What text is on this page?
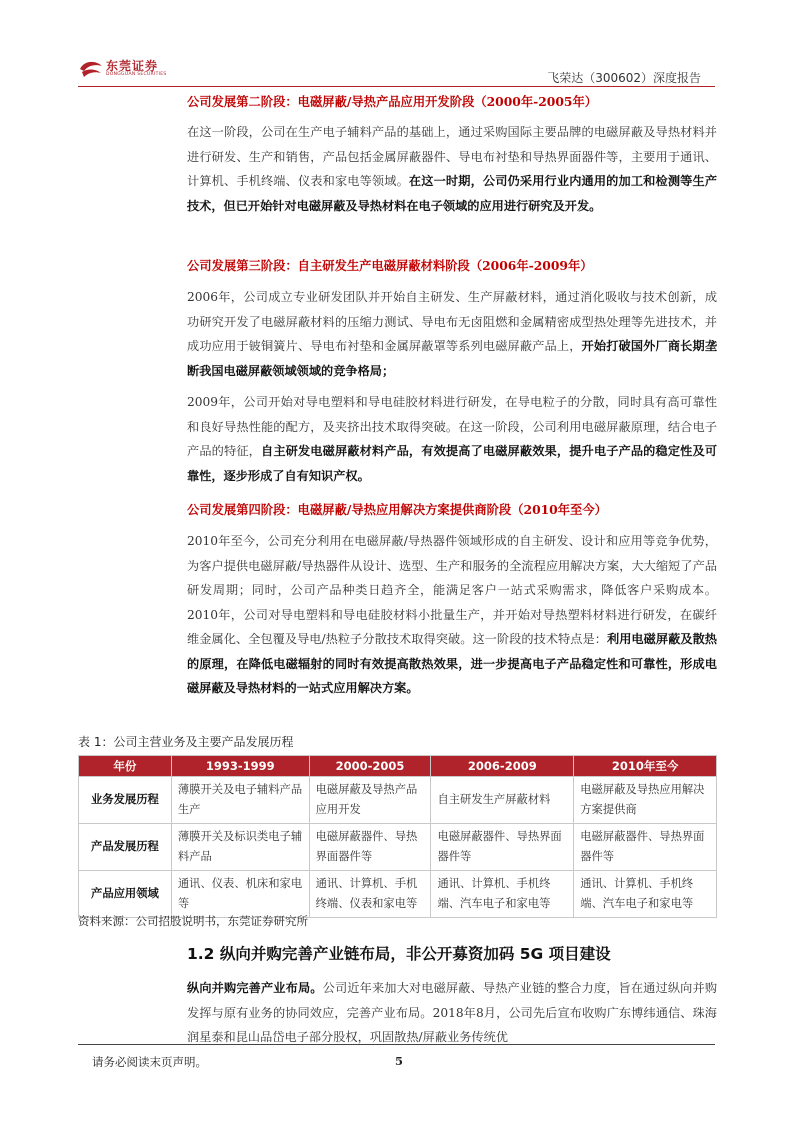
东莞证券
DONGGUAN SECURITIES	飞荣达（300602）深度报告
公司发展第二阶段：电磁屏蔽/导热产品应用开发阶段（2000年-2005年）
在这一阶段，公司在生产电子辅料产品的基础上，通过采购国际主要品牌的电磁屏蔽及导热材料并进行研发、生产和销售，产品包括金属屏蔽器件、导电布衬垫和导热界面器件等，主要用于通讯、计算机、手机终端、仪表和家电等领域。在这一时期，公司仍采用行业内通用的加工和检测等生产技术，但已开始针对电磁屏蔽及导热材料在电子领域的应用进行研究及开发。
公司发展第三阶段：自主研发生产电磁屏蔽材料阶段（2006年-2009年）
2006年，公司成立专业研发团队并开始自主研发、生产屏蔽材料，通过消化吸收与技术创新，成功研究开发了电磁屏蔽材料的压缩力测试、导电布无卤阻燃和金属精密成型热处理等先进技术，并成功应用于铍铜簧片、导电布衬垫和金属屏蔽罩等系列电磁屏蔽产品上，开始打破国外厂商长期垄断我国电磁屏蔽领域领域的竞争格局；
2009年，公司开始对导电塑料和导电硅胶材料进行研发，在导电粒子的分散，同时具有高可靠性和良好导热性能的配方，及夹挤出技术取得突破。在这一阶段，公司利用电磁屏蔽原理，结合电子产品的特征，自主研发电磁屏蔽材料产品，有效提高了电磁屏蔽效果，提升电子产品的稳定性及可靠性，逐步形成了自有知识产权。
公司发展第四阶段：电磁屏蔽/导热应用解决方案提供商阶段（2010年至今）
2010年至今，公司充分利用在电磁屏蔽/导热器件领域形成的自主研发、设计和应用等竞争优势，为客户提供电磁屏蔽/导热器件从设计、选型、生产和服务的全流程应用解决方案，大大缩短了产品研发周期；同时，公司产品种类日趋齐全，能满足客户一站式采购需求，降低客户采购成本。2010年，公司对导电塑料和导电硅胶材料小批量生产，并开始对导热塑料材料进行研发，在碳纤维金属化、全包覆及导电/热粒子分散技术取得突破。这一阶段的技术特点是：利用电磁屏蔽及散热的原理，在降低电磁辐射的同时有效提高散热效果，进一步提高电子产品稳定性和可靠性，形成电磁屏蔽及导热材料的一站式应用解决方案。
表 1：公司主营业务及主要产品发展历程
年份	1993-1999	2000-2005	2006-2009	2010年至今
业务发展历程	薄膜开关及电子辅料产品生产	电磁屏蔽及导热产品应用开发	自主研发生产屏蔽材料	电磁屏蔽及导热应用解决方案提供商
产品发展历程	薄膜开关及标识类电子辅料产品	电磁屏蔽器件、导热界面器件等	电磁屏蔽器件、导热界面器件等	电磁屏蔽器件、导热界面器件等
产品应用领域	通讯、仪表、机床和家电等	通讯、计算机、手机终端、仪表和家电等	通讯、计算机、手机终端、汽车电子和家电等	通讯、计算机、手机终端、汽车电子和家电等
资料来源：公司招股说明书，东莞证券研究所
1.2 纵向并购完善产业链布局，非公开募资加码 5G 项目建设
纵向并购完善产业布局。公司近年来加大对电磁屏蔽、导热产业链的整合力度，旨在通过纵向并购发挥与原有业务的协同效应，完善产业布局。2018年8月，公司先后宣布收购广东博纬通信、珠海润星泰和昆山品岱电子部分股权，巩固散热/屏蔽业务传统优
请务必阅读末页声明。	5
